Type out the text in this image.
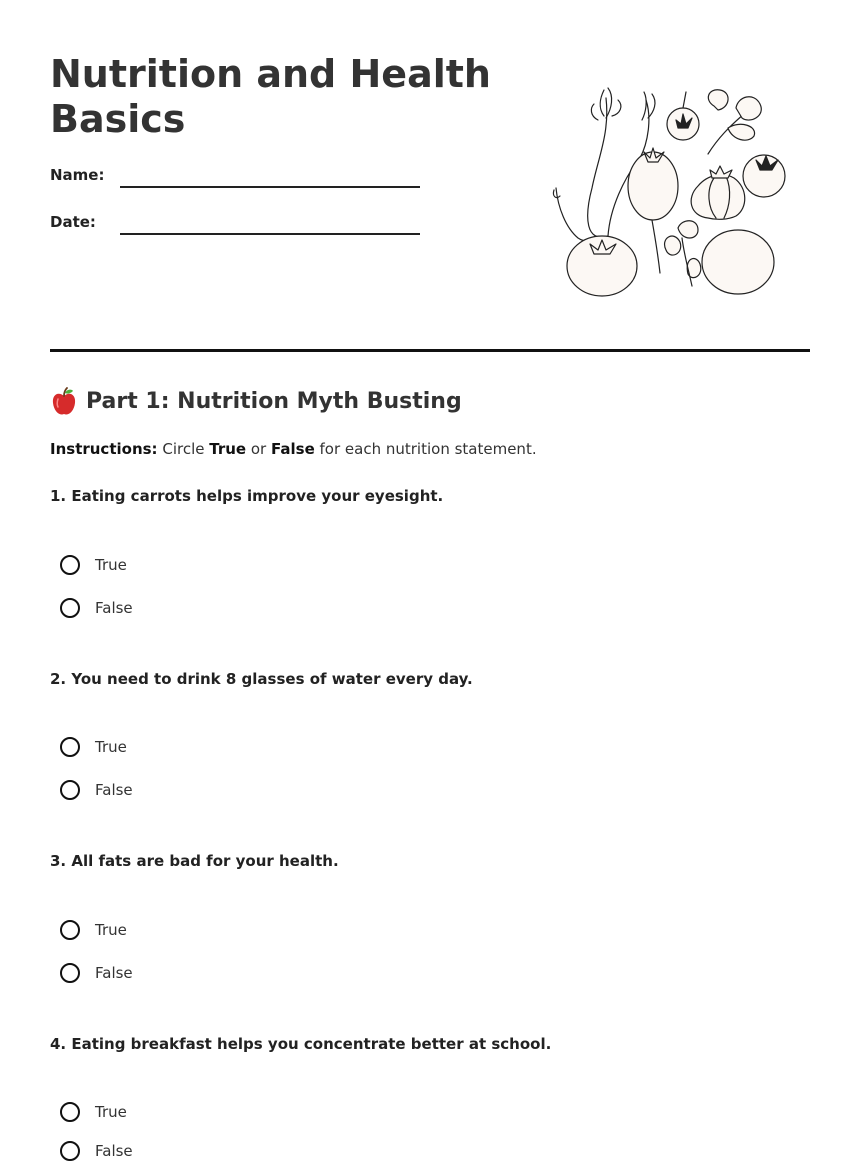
Nutrition and Health Basics
Name:
Date:
Part 1: Nutrition Myth Busting

Instructions: Circle True or False for each nutrition statement.

1. Eating carrots helps improve your eyesight.

True
False

2. You need to drink 8 glasses of water every day.

True
False

3. All fats are bad for your health.

True
False

4. Eating breakfast helps you concentrate better at school.

True
False
